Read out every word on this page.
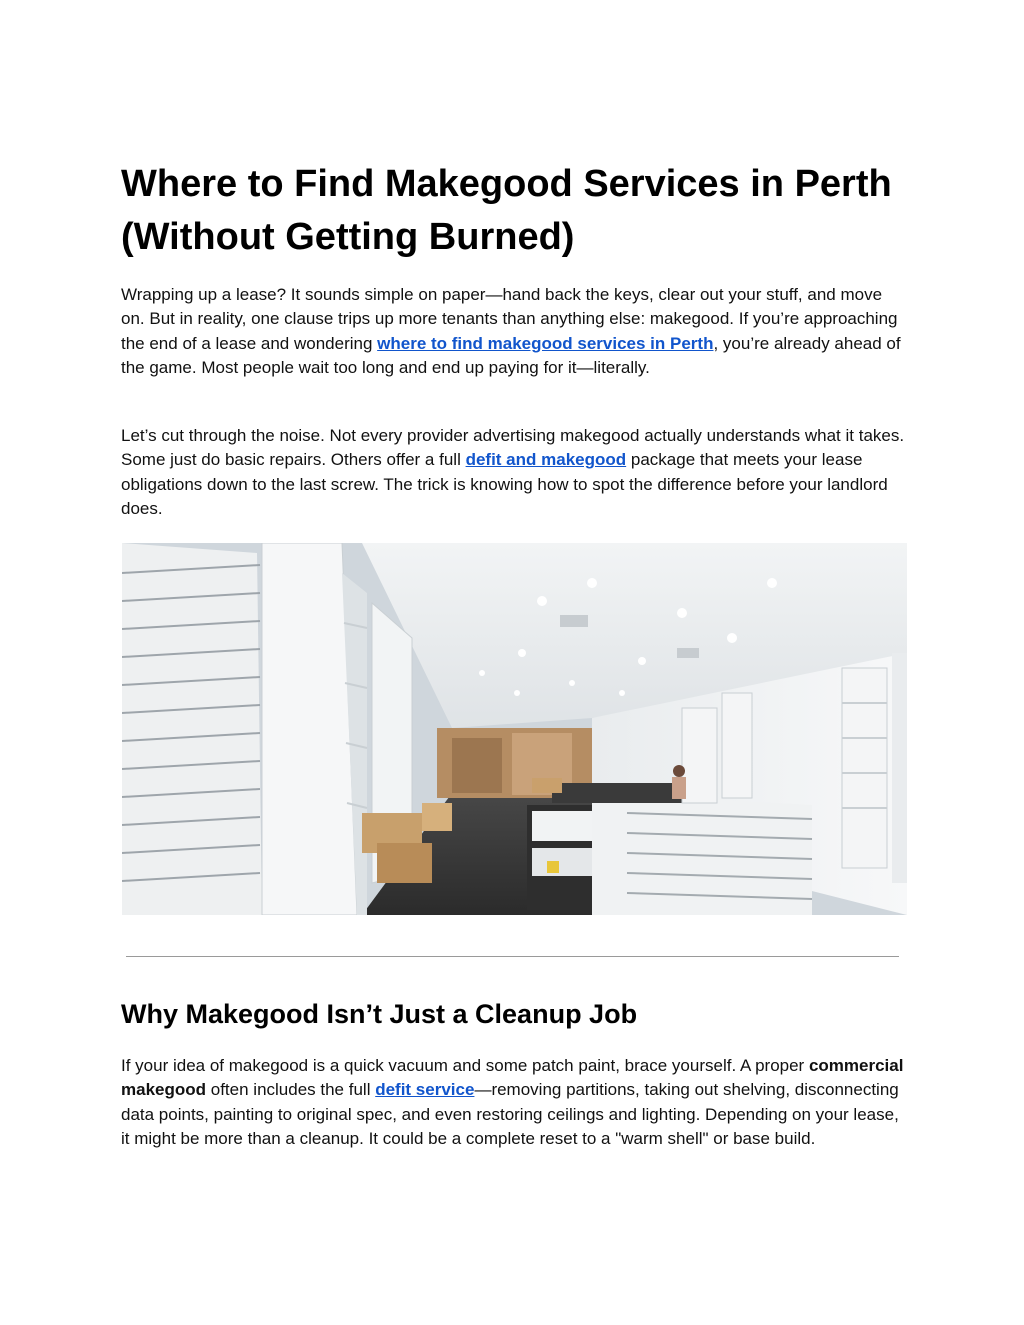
Where to Find Makegood Services in Perth (Without Getting Burned)

Wrapping up a lease? It sounds simple on paper—hand back the keys, clear out your stuff, and move on. But in reality, one clause trips up more tenants than anything else: makegood. If you’re approaching the end of a lease and wondering where to find makegood services in Perth, you’re already ahead of the game. Most people wait too long and end up paying for it—literally.

Let’s cut through the noise. Not every provider advertising makegood actually understands what it takes. Some just do basic repairs. Others offer a full defit and makegood package that meets your lease obligations down to the last screw. The trick is knowing how to spot the difference before your landlord does.

Why Makegood Isn’t Just a Cleanup Job

If your idea of makegood is a quick vacuum and some patch paint, brace yourself. A proper commercial makegood often includes the full defit service—removing partitions, taking out shelving, disconnecting data points, painting to original spec, and even restoring ceilings and lighting. Depending on your lease, it might be more than a cleanup. It could be a complete reset to a "warm shell" or base build.
